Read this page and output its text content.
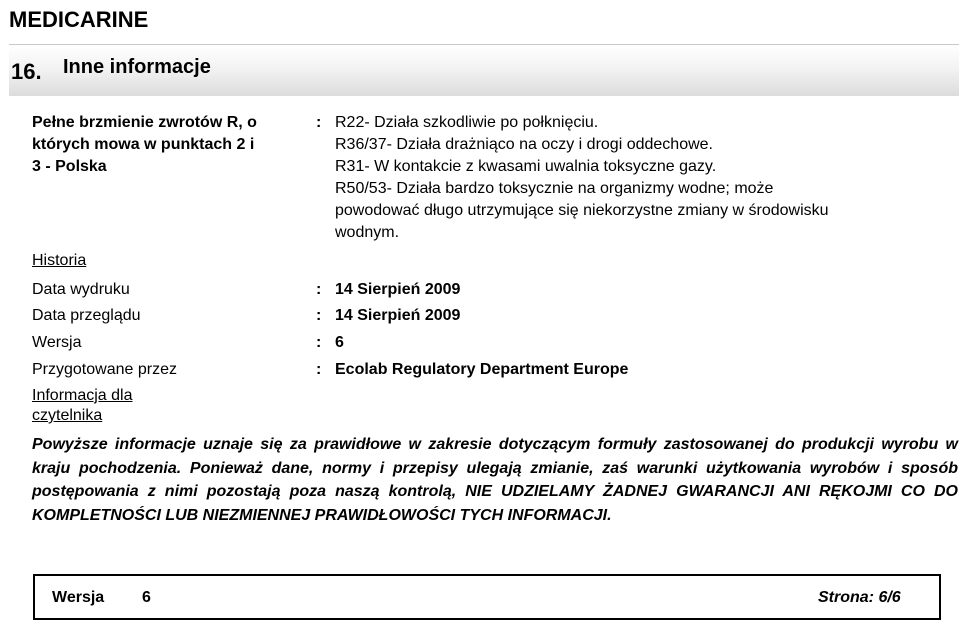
MEDICARINE
16. Inne informacje
Pełne brzmienie zwrotów R, o
których mowa w punktach 2 i
3 - Polska
: R22- Działa szkodliwie po połknięciu.
R36/37- Działa drażniąco na oczy i drogi oddechowe.
R31- W kontakcie z kwasami uwalnia toksyczne gazy.
R50/53- Działa bardzo toksycznie na organizmy wodne; może
powodować długo utrzymujące się niekorzystne zmiany w środowisku
wodnym.
Historia
Data wydruku	: 14 Sierpień 2009
Data przeglądu	: 14 Sierpień 2009
Wersja	: 6
Przygotowane przez	: Ecolab Regulatory Department Europe
Informacja dla
czytelnika
Powyższe informacje uznaje się za prawidłowe w zakresie dotyczącym formuły zastosowanej do produkcji wyrobu w kraju pochodzenia. Ponieważ dane, normy i przepisy ulegają zmianie, zaś warunki użytkowania wyrobów i sposób postępowania z nimi pozostają poza naszą kontrolą, NIE UDZIELAMY ŻADNEJ GWARANCJI ANI RĘKOJMI CO DO KOMPLETNOŚCI LUB NIEZMIENNEJ PRAWIDŁOWOŚCI TYCH INFORMACJI.
Wersja 6	Strona: 6/6
